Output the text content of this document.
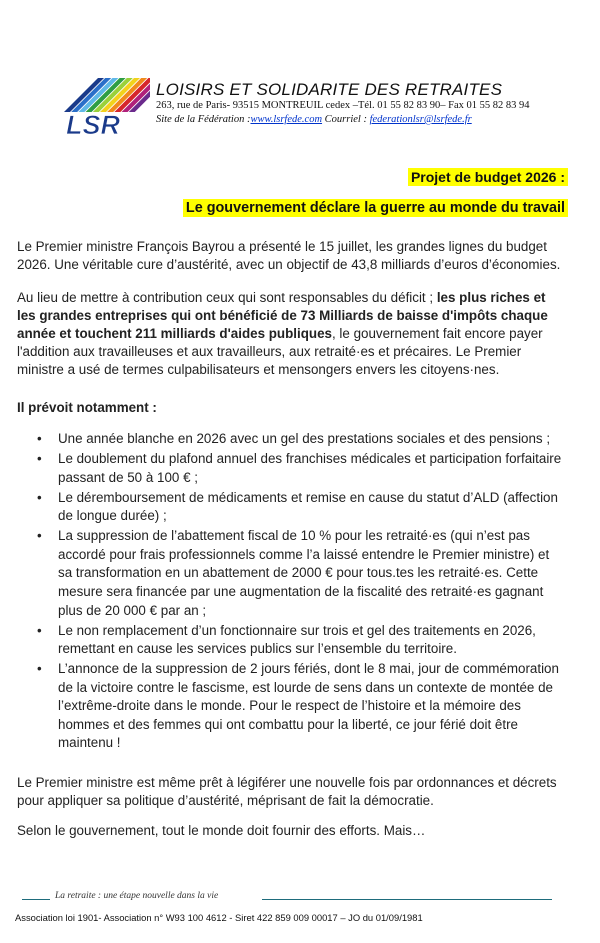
LSR
LOISIRS ET SOLIDARITE DES RETRAITES
263, rue de Paris- 93515 MONTREUIL cedex –Tél. 01 55 82 83 90– Fax 01 55 82 83 94
Site de la Fédération :www.lsrfede.com Courriel : federationlsr@lsrfede.fr
Projet de budget 2026 :
Le gouvernement déclare la guerre au monde du travail

Le Premier ministre François Bayrou a présenté le 15 juillet, les grandes lignes du budget 2026. Une véritable cure d’austérité, avec un objectif de 43,8 milliards d’euros d’économies.

Au lieu de mettre à contribution ceux qui sont responsables du déficit ; les plus riches et les grandes entreprises qui ont bénéficié de 73 Milliards de baisse d'impôts chaque année et touchent 211 milliards d'aides publiques, le gouvernement fait encore payer l'addition aux travailleuses et aux travailleurs, aux retraité·es et précaires. Le Premier ministre a usé de termes culpabilisateurs et mensongers envers les citoyens·nes.

Il prévoit notamment :

• Une année blanche en 2026 avec un gel des prestations sociales et des pensions ;
• Le doublement du plafond annuel des franchises médicales et participation forfaitaire passant de 50 à 100 € ;
• Le déremboursement de médicaments et remise en cause du statut d’ALD (affection de longue durée) ;
• La suppression de l’abattement fiscal de 10 % pour les retraité·es (qui n’est pas accordé pour frais professionnels comme l’a laissé entendre le Premier ministre) et sa transformation en un abattement de 2000 € pour tous.tes les retraité·es. Cette mesure sera financée par une augmentation de la fiscalité des retraité·es gagnant plus de 20 000 € par an ;
• Le non remplacement d’un fonctionnaire sur trois et gel des traitements en 2026, remettant en cause les services publics sur l’ensemble du territoire.
• L’annonce de la suppression de 2 jours fériés, dont le 8 mai, jour de commémoration de la victoire contre le fascisme, est lourde de sens dans un contexte de montée de l’extrême-droite dans le monde. Pour le respect de l’histoire et la mémoire des hommes et des femmes qui ont combattu pour la liberté, ce jour férié doit être maintenu !

Le Premier ministre est même prêt à légiférer une nouvelle fois par ordonnances et décrets pour appliquer sa politique d’austérité, méprisant de fait la démocratie.

Selon le gouvernement, tout le monde doit fournir des efforts. Mais…

La retraite : une étape nouvelle dans la vie
Association loi 1901- Association n° W93 100 4612 - Siret 422 859 009 00017 – JO du 01/09/1981
